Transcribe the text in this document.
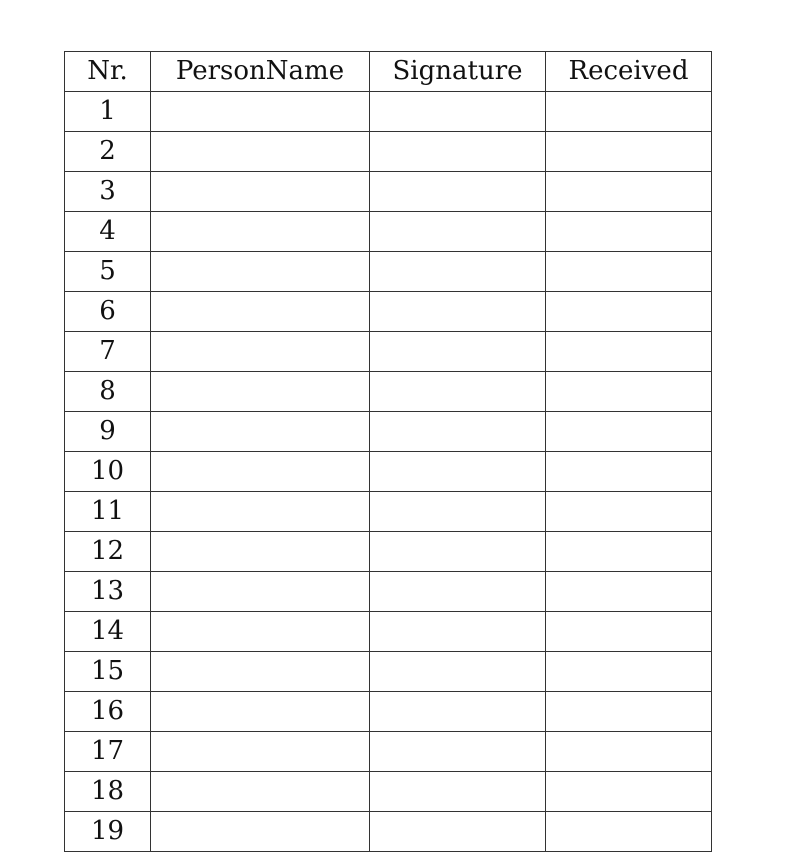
Nr.	PersonName	Signature	Received
1			
2			
3			
4			
5			
6			
7			
8			
9			
10			
11			
12			
13			
14			
15			
16			
17			
18			
19			
